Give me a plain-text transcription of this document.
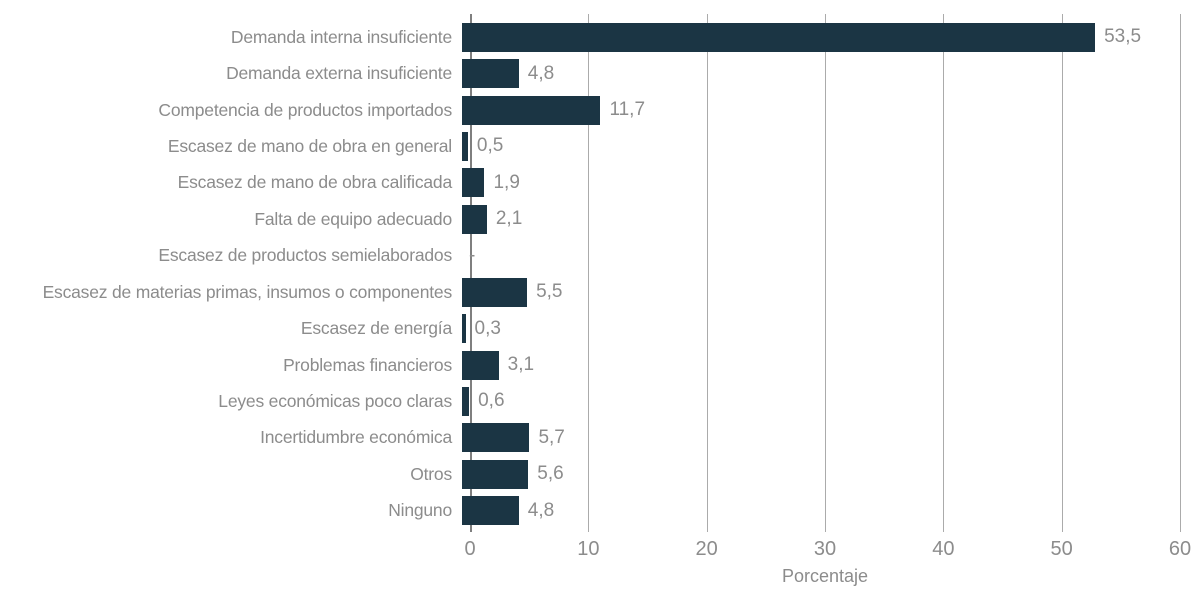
Demanda interna insuficiente	53,5
Demanda externa insuficiente	4,8
Competencia de productos importados	11,7
Escasez de mano de obra en general	0,5
Escasez de mano de obra calificada	1,9
Falta de equipo adecuado	2,1
Escasez de productos semielaborados -
Escasez de materias primas, insumos o componentes	5,5
Escasez de energía	0,3
Problemas financieros	3,1
Leyes económicas poco claras	0,6
Incertidumbre económica	5,7
Otros	5,6
Ninguno	4,8
0	10	20	30	40	50	60
Porcentaje
